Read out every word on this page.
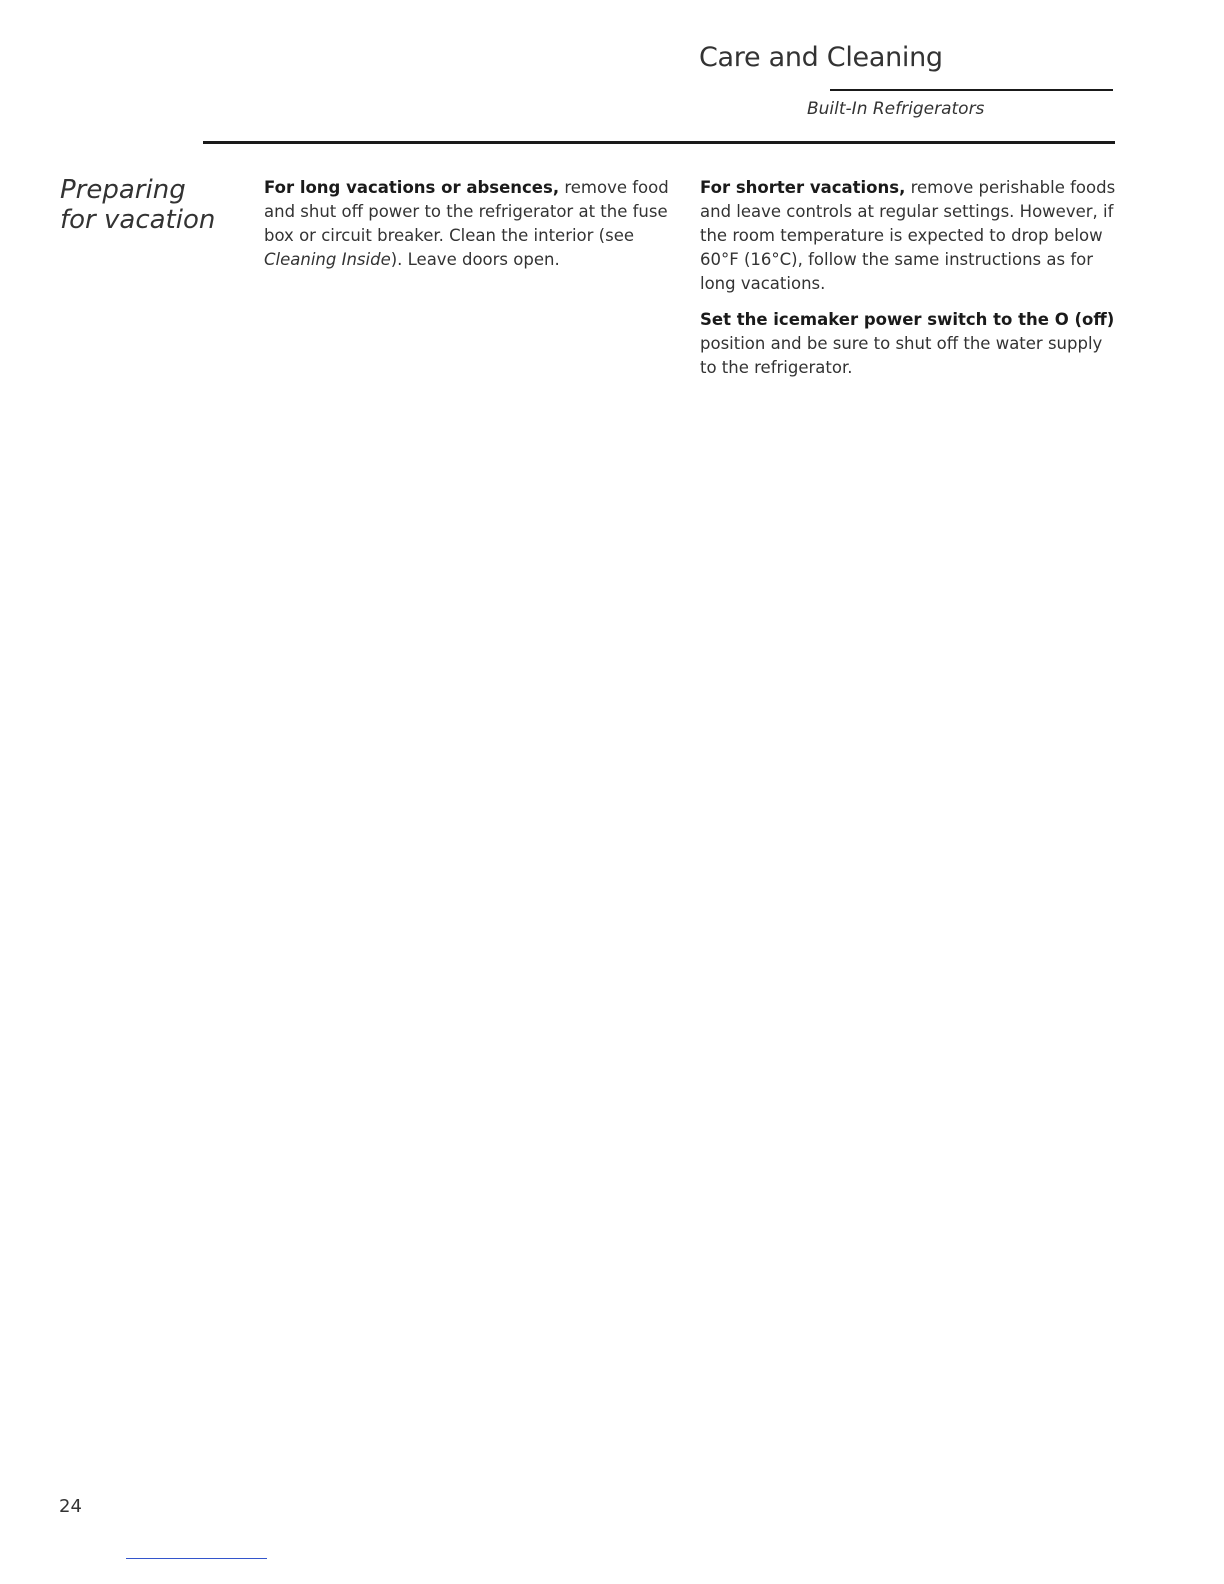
Care and Cleaning
Built-In Refrigerators
Preparing
for vacation

For long vacations or absences, remove food and shut off power to the refrigerator at the fuse box or circuit breaker. Clean the interior (see Cleaning Inside). Leave doors open.

For shorter vacations, remove perishable foods and leave controls at regular settings. However, if the room temperature is expected to drop below 60°F (16°C), follow the same instructions as for long vacations.

Set the icemaker power switch to the O (off) position and be sure to shut off the water supply to the refrigerator.

24
